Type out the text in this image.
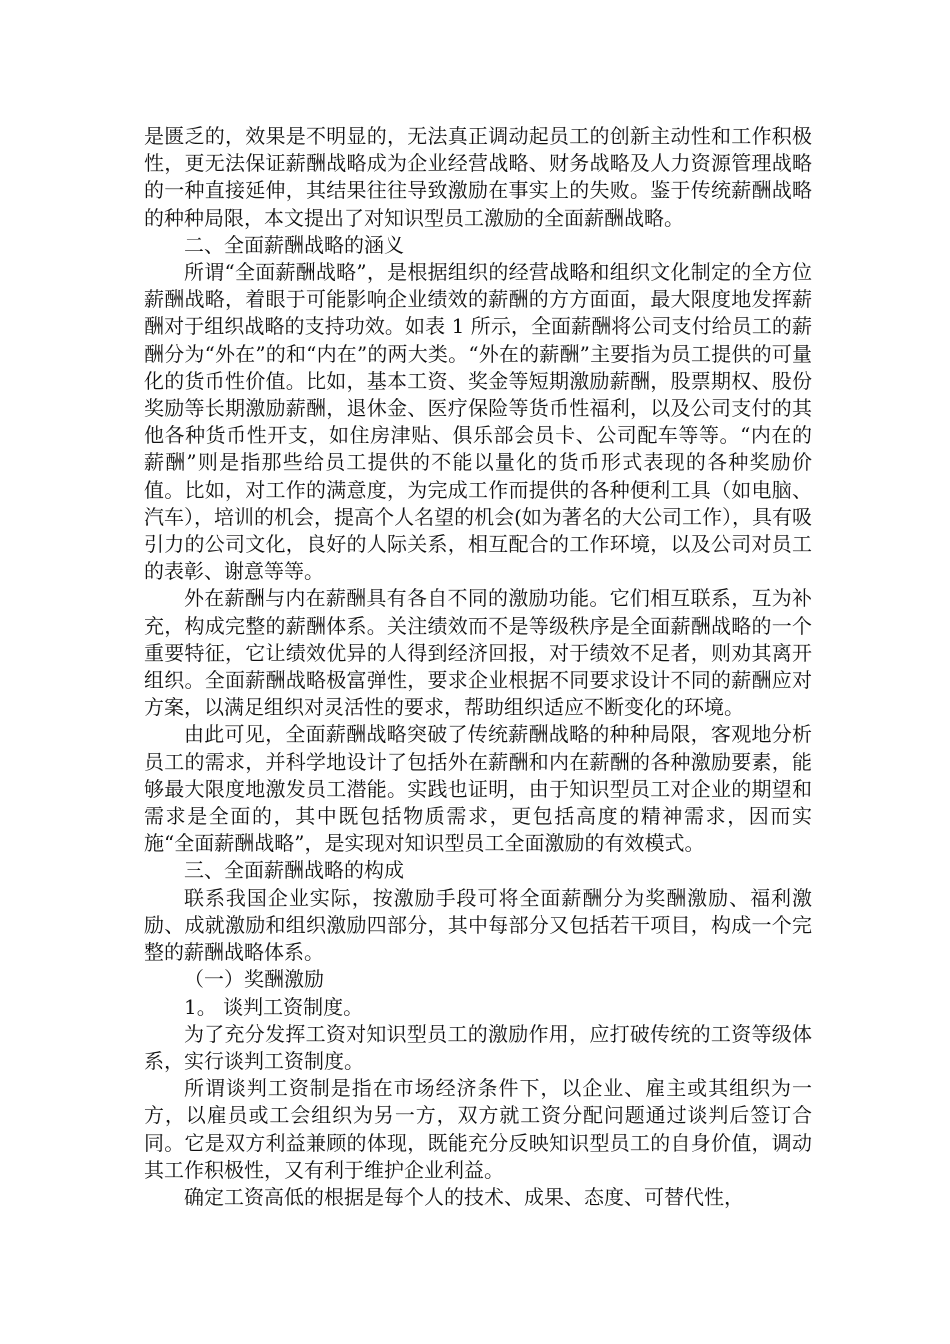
是匮乏的，效果是不明显的，无法真正调动起员工的创新主动性和工作积极性，更无法保证薪酬战略成为企业经营战略、财务战略及人力资源管理战略的一种直接延伸，其结果往往导致激励在事实上的失败。鉴于传统薪酬战略的种种局限，本文提出了对知识型员工激励的全面薪酬战略。

二、全面薪酬战略的涵义

所谓“全面薪酬战略”，是根据组织的经营战略和组织文化制定的全方位薪酬战略，着眼于可能影响企业绩效的薪酬的方方面面，最大限度地发挥薪酬对于组织战略的支持功效。如表 1 所示，全面薪酬将公司支付给员工的薪酬分为“外在”的和“内在”的两大类。“外在的薪酬”主要指为员工提供的可量化的货币性价值。比如，基本工资、奖金等短期激励薪酬，股票期权、股份奖励等长期激励薪酬，退休金、医疗保险等货币性福利，以及公司支付的其他各种货币性开支，如住房津贴、俱乐部会员卡、公司配车等等。“内在的薪酬”则是指那些给员工提供的不能以量化的货币形式表现的各种奖励价值。比如，对工作的满意度，为完成工作而提供的各种便利工具（如电脑、汽车），培训的机会，提高个人名望的机会(如为著名的大公司工作），具有吸引力的公司文化，良好的人际关系，相互配合的工作环境，以及公司对员工的表彰、谢意等等。

外在薪酬与内在薪酬具有各自不同的激励功能。它们相互联系，互为补充，构成完整的薪酬体系。关注绩效而不是等级秩序是全面薪酬战略的一个重要特征，它让绩效优异的人得到经济回报，对于绩效不足者，则劝其离开组织。全面薪酬战略极富弹性，要求企业根据不同要求设计不同的薪酬应对方案，以满足组织对灵活性的要求，帮助组织适应不断变化的环境。

由此可见，全面薪酬战略突破了传统薪酬战略的种种局限，客观地分析员工的需求，并科学地设计了包括外在薪酬和内在薪酬的各种激励要素，能够最大限度地激发员工潜能。实践也证明，由于知识型员工对企业的期望和需求是全面的，其中既包括物质需求，更包括高度的精神需求，因而实施“全面薪酬战略”，是实现对知识型员工全面激励的有效模式。

三、全面薪酬战略的构成

联系我国企业实际，按激励手段可将全面薪酬分为奖酬激励、福利激励、成就激励和组织激励四部分，其中每部分又包括若干项目，构成一个完整的薪酬战略体系。

（一）奖酬激励

1。 谈判工资制度。

为了充分发挥工资对知识型员工的激励作用，应打破传统的工资等级体系，实行谈判工资制度。

所谓谈判工资制是指在市场经济条件下，以企业、雇主或其组织为一方，以雇员或工会组织为另一方，双方就工资分配问题通过谈判后签订合同。它是双方利益兼顾的体现，既能充分反映知识型员工的自身价值，调动其工作积极性，又有利于维护企业利益。

确定工资高低的根据是每个人的技术、成果、态度、可替代性，
